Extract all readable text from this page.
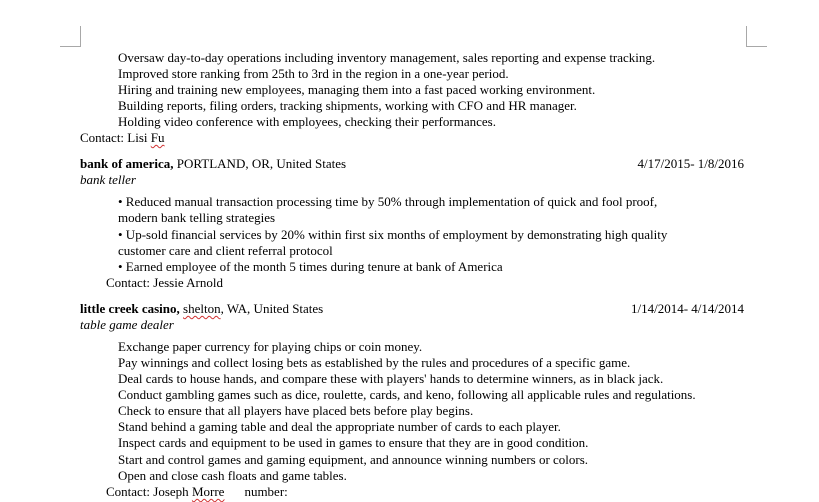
Oversaw day-to-day operations including inventory management, sales reporting and expense tracking.
Improved store ranking from 25th to 3rd in the region in a one-year period.
Hiring and training new employees, managing them into a fast paced working environment.
Building reports, filing orders, tracking shipments, working with CFO and HR manager.
Holding video conference with employees, checking their performances.
Contact: Lisi Fu
bank of america, PORTLAND, OR, United States	4/17/2015- 1/8/2016
bank teller
• Reduced manual transaction processing time by 50% through implementation of quick and fool proof,
modern bank telling strategies
• Up-sold financial services by 20% within first six months of employment by demonstrating high quality
customer care and client referral protocol
• Earned employee of the month 5 times during tenure at bank of America
Contact: Jessie Arnold
little creek casino, shelton, WA, United States	1/14/2014- 4/14/2014
table game dealer
Exchange paper currency for playing chips or coin money.
Pay winnings and collect losing bets as established by the rules and procedures of a specific game.
Deal cards to house hands, and compare these with players' hands to determine winners, as in black jack.
Conduct gambling games such as dice, roulette, cards, and keno, following all applicable rules and regulations.
Check to ensure that all players have placed bets before play begins.
Stand behind a gaming table and deal the appropriate number of cards to each player.
Inspect cards and equipment to be used in games to ensure that they are in good condition.
Start and control games and gaming equipment, and announce winning numbers or colors.
Open and close cash floats and game tables.
Contact: Joseph Morre number:
